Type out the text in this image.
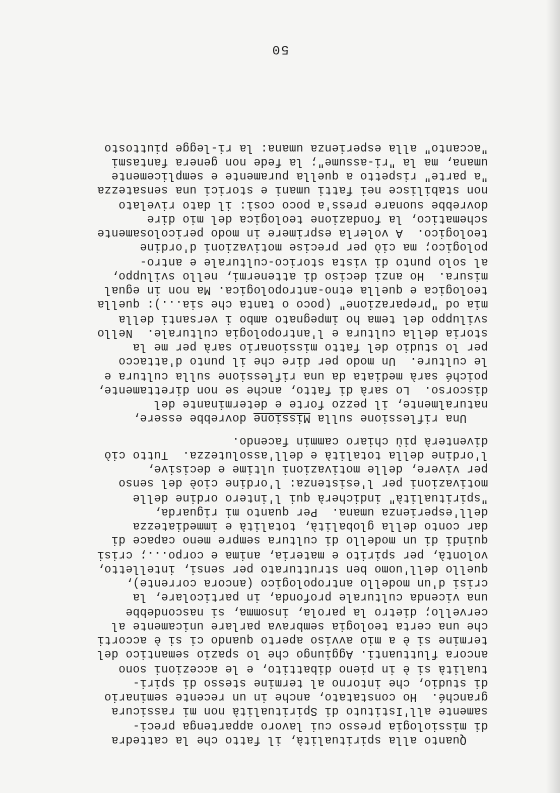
Quanto alla spiritualità, il fatto che la cattedra
di missiologia presso cui lavoro appartenga preci-
samente all'Istituto di Spiritualità non mi rassicura
granché.  Ho constatato, anche in un recente seminario
di studio, che intorno al termine stesso di spiri-
tualità si è in pieno dibattito, e le accezioni sono
ancora fluttuanti. Aggiungo che lo spazio semantico del
termine si è a mio avviso aperto quando ci si è accorti
che una certa teologia sembrava parlare unicamente al
cervello; dietro la parola, insomma, si nascondebbe
una vicenda culturale profonda, in particolare, la
crisi d'un modello antropologico (ancora corrente),
quello dell'uomo ben strutturato per sensi, intelletto,
volontà, per spirito e materia, anima e corpo...; crisi
quindi di un modello di cultura sempre meno capace di
dar conto della globalità, totalità e immediatezza
dell'esperienza umana.  Per quanto mi riguarda,
"spiritualità" indicherà qui l'intero ordine delle
motivazioni per l'esistenza: l'ordine cioè del senso
per vivere, delle motivazioni ultime e decisive,
l'ordine della totalità e dell'assolutezza.  Tutto ciò
diventerà più chiaro cammin facendo.
Una riflessione sulla Missione dovrebbe essere,
naturalmente, il pezzo forte e determinante del
discorso.  Lo sarà di fatto, anche se non direttamente,
poiché sarà mediata da una riflessione sulla cultura e
le culture.  Un modo per dire che il punto d'attacco
per lo studio del fatto missionario sarà per me la
storia della cultura e l'antropologia culturale.  Nello
sviluppo del tema ho impegnato ambo i versanti della
mia od "preparazione" (poco o tanta che sia...): quella
teologica e quella etno-antropologica. Ma non in egual
misura.  Ho anzi deciso di attenermi, nello sviluppo,
al solo punto di vista storico-culturale e antro-
pologico; ma ciò per precise motivazioni d'ordine
teologico.  A volerla esprimere in modo pericolosamente
schematico, la fondazione teologica del mio dire
dovrebbe suonare press'a poco così: il dato rivelato
non stabilisce nei fatti umani e storici una sensatezza
"a parte" rispetto a quella puramente e semplicemente
umana, ma la "ri-assume"; la fede non genera fantasmi
"accanto" alla esperienza umana: la ri-legge piuttosto
50
